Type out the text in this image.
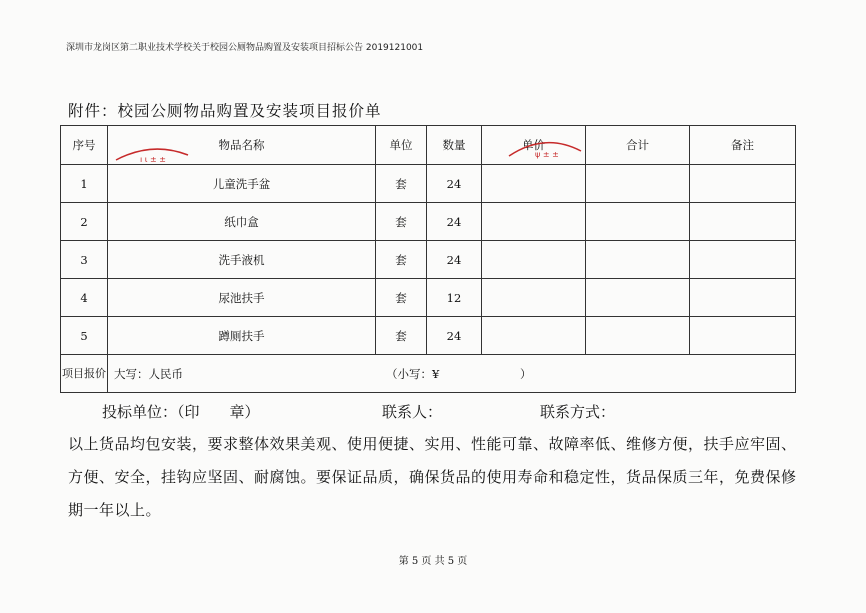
深圳市龙岗区第二职业技术学校关于校园公厕物品购置及安装项目招标公告 2019121001
附件：校园公厕物品购置及安装项目报价单
序号	物品名称	单位	数量	单价	合计	备注
1	儿童洗手盆	套	24			
2	纸巾盒	套	24			
3	洗手液机	套	24			
4	尿池扶手	套	12			
5	蹲厕扶手	套	24			
项目报价	大写：人民币 （小写：¥ ）					
ı ι ± ±
ψ ± ±
投标单位：（印　　章）	联系人：	联系方式：
以上货品均包安装，要求整体效果美观、使用便捷、实用、性能可靠、故障率低、维修方便，扶手应牢固、方便、安全，挂钩应坚固、耐腐蚀。要保证品质，确保货品的使用寿命和稳定性，货品保质三年，免费保修期一年以上。
第 5 页 共 5 页
